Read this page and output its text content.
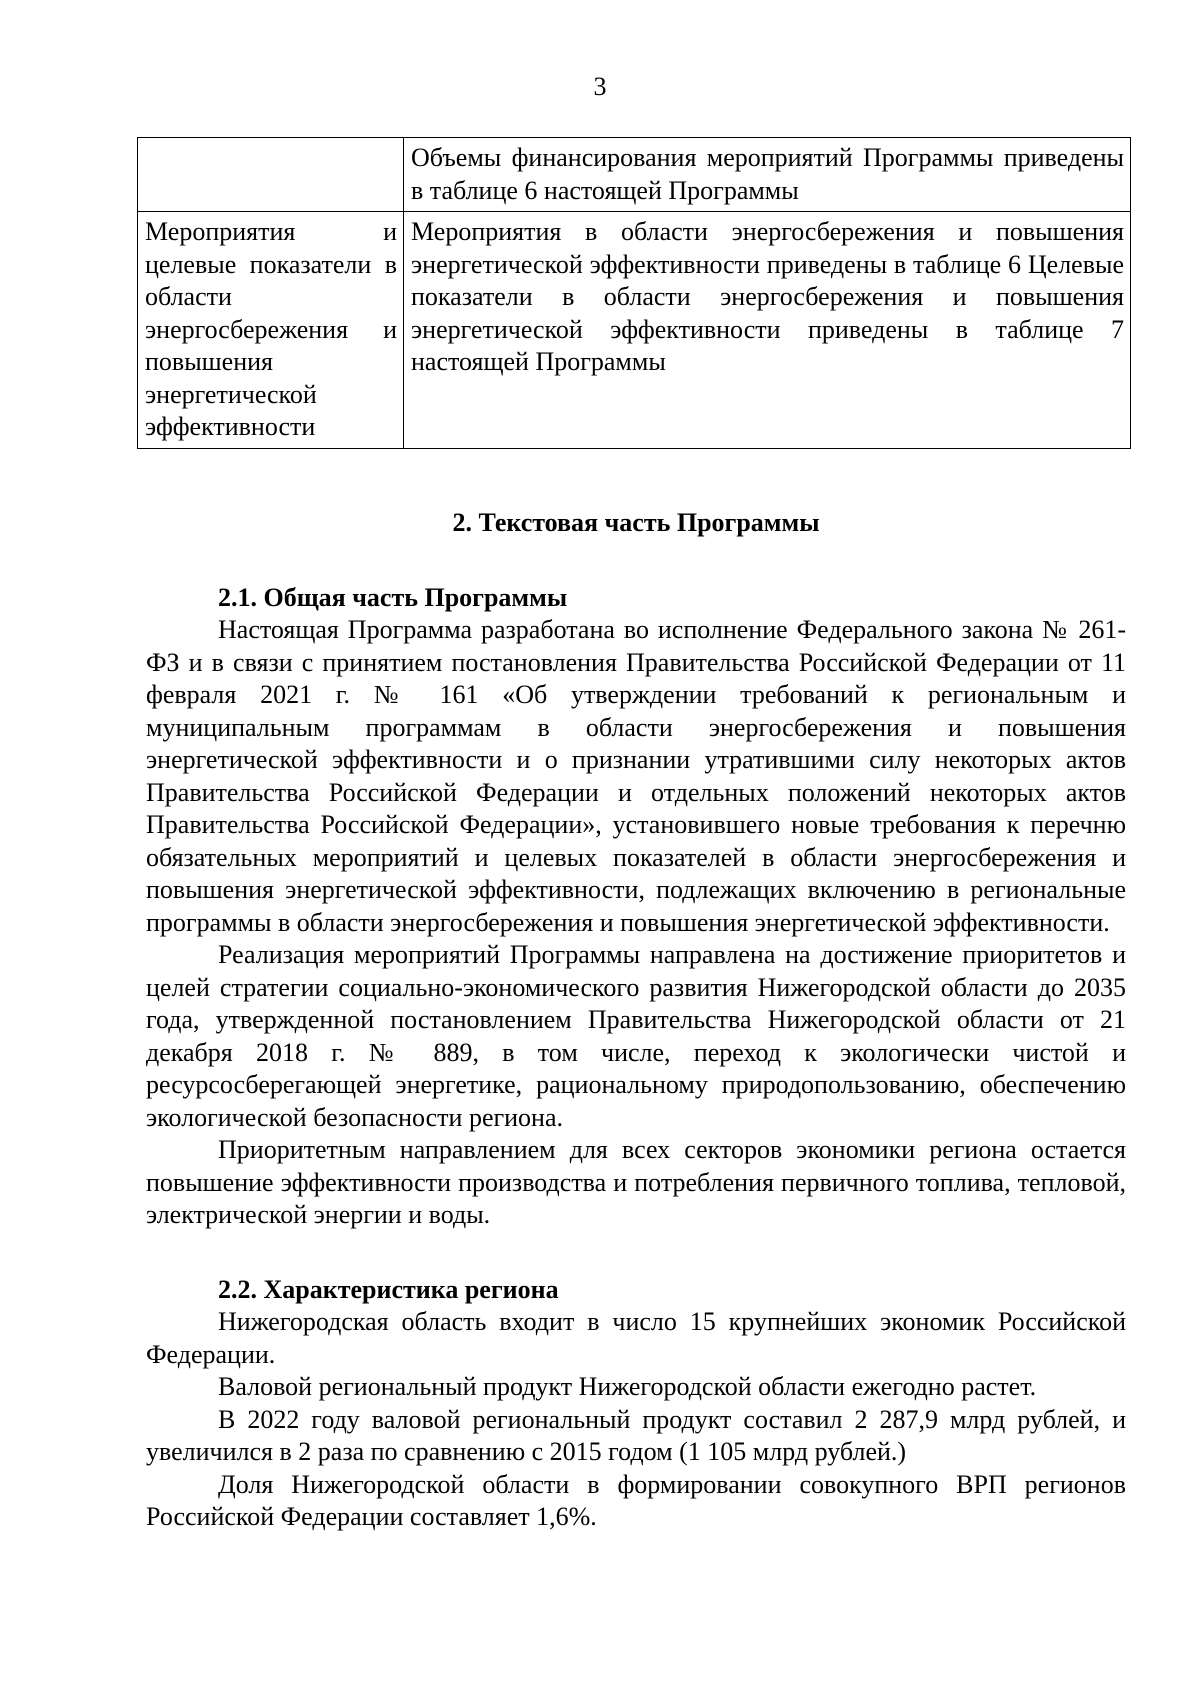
3
	Объемы финансирования мероприятий Программы приведены в таблице 6 настоящей Программы
Мероприятия и целевые показатели в области энергосбережения и повышения энергетической эффективности	Мероприятия в области энергосбережения и повышения энергетической эффективности приведены в таблице 6 Целевые показатели в области энергосбережения и повышения энергетической эффективности приведены в таблице 7 настоящей Программы
2. Текстовая часть Программы
2.1. Общая часть Программы

Настоящая Программа разработана во исполнение Федерального закона № 261-ФЗ и в связи с принятием постановления Правительства Российской Федерации от 11 февраля 2021 г. № 161 «Об утверждении требований к региональным и муниципальным программам в области энергосбережения и повышения энергетической эффективности и о признании утратившими силу некоторых актов Правительства Российской Федерации и отдельных положений некоторых актов Правительства Российской Федерации», установившего новые требования к перечню обязательных мероприятий и целевых показателей в области энергосбережения и повышения энергетической эффективности, подлежащих включению в региональные программы в области энергосбережения и повышения энергетической эффективности.

Реализация мероприятий Программы направлена на достижение приоритетов и целей стратегии социально-экономического развития Нижегородской области до 2035 года, утвержденной постановлением Правительства Нижегородской области от 21 декабря 2018 г. № 889, в том числе, переход к экологически чистой и ресурсосберегающей энергетике, рациональному природопользованию, обеспечению экологической безопасности региона.

Приоритетным направлением для всех секторов экономики региона остается повышение эффективности производства и потребления первичного топлива, тепловой, электрической энергии и воды.

2.2. Характеристика региона

Нижегородская область входит в число 15 крупнейших экономик Российской Федерации.

Валовой региональный продукт Нижегородской области ежегодно растет.

В 2022 году валовой региональный продукт составил 2 287,9 млрд рублей, и увеличился в 2 раза по сравнению с 2015 годом (1 105 млрд рублей.)

Доля Нижегородской области в формировании совокупного ВРП регионов Российской Федерации составляет 1,6%.
